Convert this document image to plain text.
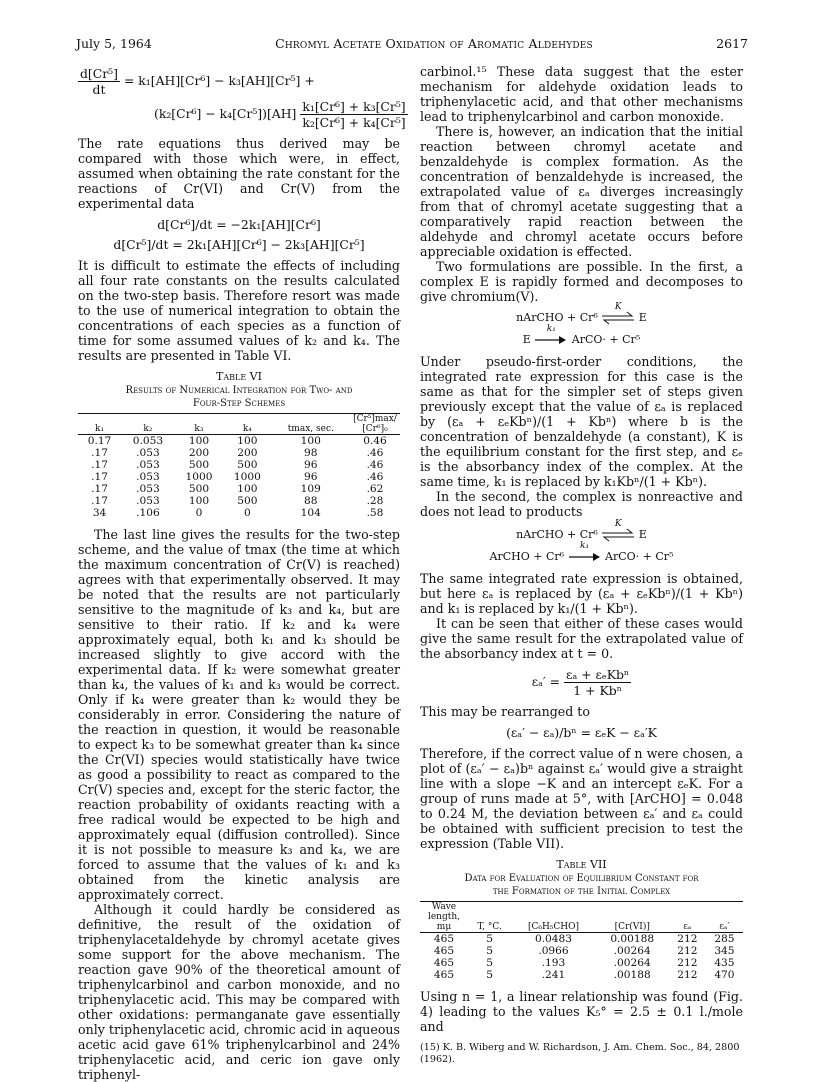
July 5, 1964	Chromyl Acetate Oxidation of Aromatic Aldehydes	2617
$\frac{\text{d[Cr⁵]}}{dt} = k_1[AH][Cr^6] - k_3[AH][Cr^5]$ +
$(k_2[Cr^6] - k_4[Cr^5])[AH] \frac{\text{k₁[Cr⁶] + k₃[Cr⁵]}}{\text{k₂[Cr⁶] + k₄[Cr⁵]}}$

The rate equations thus derived may be compared with those which were, in effect, assumed when obtaining the rate constant for the reactions of Cr(VI) and Cr(V) from the experimental data

d[Cr⁶]/dt = −2k₁[AH][Cr⁶]
d[Cr⁵]/dt = 2k₁[AH][Cr⁶] − 2k₃[AH][Cr⁵]

It is difficult to estimate the effects of including all four rate constants on the results calculated on the two-step basis. Therefore resort was made to the use of numerical integration to obtain the concentrations of each species as a function of time for some assumed values of k₂ and k₄. The results are presented in Table VI.

Table VI
Results of Numerical Integration for Two- and
Four-Step Schemes
k₁	k₂	k₃	k₄	tmax, sec.	[Cr⁵]max/ [Cr⁶]₀
0.17	0.053	100	100	100	0.46
.17	.053	200	200	98	.46
.17	.053	500	500	96	.46
.17	.053	1000	1000	96	.46
.17	.053	500	100	109	.62
.17	.053	100	500	88	.28
34	.106	0	0	104	.58

The last line gives the results for the two-step scheme, and the value of tmax (the time at which the maximum concentration of Cr(V) is reached) agrees with that experimentally observed. It may be noted that the results are not particularly sensitive to the magnitude of k₃ and k₄, but are sensitive to their ratio. If k₂ and k₄ were approximately equal, both k₁ and k₃ should be increased slightly to give accord with the experimental data. If k₂ were somewhat greater than k₄, the values of k₁ and k₃ would be correct. Only if k₄ were greater than k₂ would they be considerably in error. Considering the nature of the reaction in question, it would be reasonable to expect k₃ to be somewhat greater than k₄ since the Cr(VI) species would statistically have twice as good a possibility to react as compared to the Cr(V) species and, except for the steric factor, the reaction probability of oxidants reacting with a free radical would be expected to be high and approximately equal (diffusion controlled). Since it is not possible to measure k₃ and k₄, we are forced to assume that the values of k₁ and k₃ obtained from the kinetic analysis are approximately correct.

Although it could hardly be considered as definitive, the result of the oxidation of triphenylacetaldehyde by chromyl acetate gives some support for the above mechanism. The reaction gave 90% of the theoretical amount of triphenylcarbinol and carbon monoxide, and no triphenylacetic acid. This may be compared with other oxidations: permanganate gave essentially only triphenylacetic acid, chromic acid in aqueous acetic acid gave 61% triphenylcarbinol and 24% triphenylacetic acid, and ceric ion gave only triphenyl-

carbinol.¹⁵ These data suggest that the ester mechanism for aldehyde oxidation leads to triphenylacetic acid, and that other mechanisms lead to triphenylcarbinol and carbon monoxide.

There is, however, an indication that the initial reaction between chromyl acetate and benzaldehyde is complex formation. As the concentration of benzaldehyde is increased, the extrapolated value of εₐ diverges increasingly from that of chromyl acetate suggesting that a comparatively rapid reaction between the aldehyde and chromyl acetate occurs before appreciable oxidation is effected.

Two formulations are possible. In the first, a complex E is rapidly formed and decomposes to give chromium(V).

nArCHO + Cr⁶
K
E
E
k₁
ArCO· + Cr⁵

Under pseudo-first-order conditions, the integrated rate expression for this case is the same as that for the simpler set of steps given previously except that the value of εₐ is replaced by (εₐ + εₑKbⁿ)/(1 + Kbⁿ) where b is the concentration of benzaldehyde (a constant), K is the equilibrium constant for the first step, and εₑ is the absorbancy index of the complex. At the same time, k₁ is replaced by k₁Kbⁿ/(1 + Kbⁿ).

In the second, the complex is nonreactive and does not lead to products

nArCHO + Cr⁶
K
E
ArCHO + Cr⁶
k₁
ArCO· + Cr⁵

The same integrated rate expression is obtained, but here εₐ is replaced by (εₐ + εₑKbⁿ)/(1 + Kbⁿ) and k₁ is replaced by k₁/(1 + Kbⁿ).

It can be seen that either of these cases would give the same result for the extrapolated value of the absorbancy index at t = 0.

$\varepsilon_a' = \frac{\text{εₐ + εₑKbⁿ}}{\text{1 + Kbⁿ}}$

This may be rearranged to

(εₐ′ − εₐ)/bⁿ = εₑK − εₐ′K

Therefore, if the correct value of n were chosen, a plot of (εₐ′ − εₐ)bⁿ against εₐ′ would give a straight line with a slope −K and an intercept εₑK. For a group of runs made at 5°, with [ArCHO] = 0.048 to 0.24 M, the deviation between εₐ′ and εₐ could be obtained with sufficient precision to test the expression (Table VII).

Table VII
Data for Evaluation of Equilibrium Constant for
the Formation of the Initial Complex
Wave length, mμ	T, °C.	[C₆H₅CHO]	[Cr(VI)]	εₐ	εₐ′
465	5	0.0483	0.00188	212	285
465	5	.0966	.00264	212	345
465	5	.193	.00264	212	435
465	5	.241	.00188	212	470

Using n = 1, a linear relationship was found (Fig. 4) leading to the values K₅° = 2.5 ± 0.1 l./mole and

(15) K. B. Wiberg and W. Richardson, J. Am. Chem. Soc., 84, 2800 (1962).
